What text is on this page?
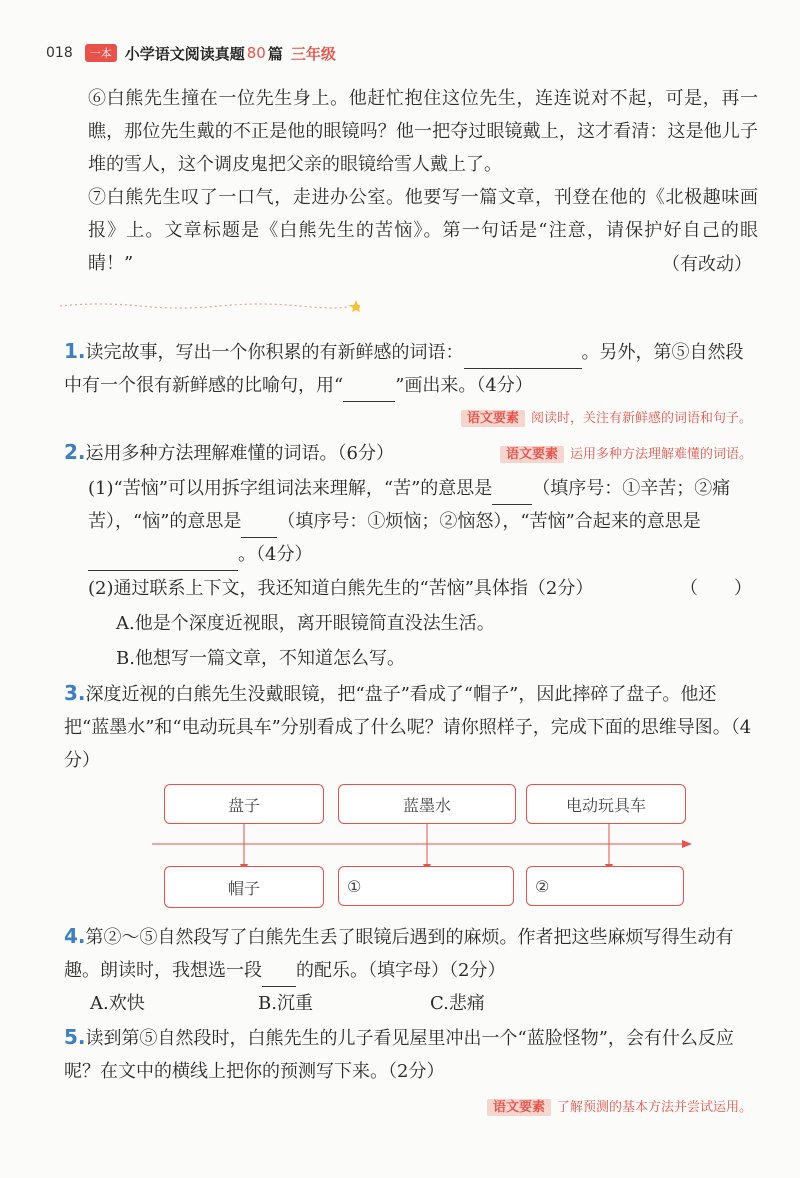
018	一本 小学语文阅读真题 80 篇 三年级

⑥白熊先生撞在一位先生身上。他赶忙抱住这位先生，连连说对不起，可是，再一瞧，那位先生戴的不正是他的眼镜吗？他一把夺过眼镜戴上，这才看清：这是他儿子堆的雪人，这个调皮鬼把父亲的眼镜给雪人戴上了。

⑦白熊先生叹了一口气，走进办公室。他要写一篇文章，刊登在他的《北极趣味画报》上。文章标题是《白熊先生的苦恼》。第一句话是“注意，请保护好自己的眼睛！”	（有改动）

1.读完故事，写出一个你积累的有新鲜感的词语：	。另外，第⑤自然段中有一个很有新鲜感的比喻句，用“	”画出来。（4分）

语文要素 阅读时，关注有新鲜感的词语和句子。

2.运用多种方法理解难懂的词语。（6分）	语文要素 运用多种方法理解难懂的词语。

(1)“苦恼”可以用拆字组词法来理解，“苦”的意思是 （填序号：①辛苦；②痛苦），“恼”的意思是 （填序号：①烦恼；②恼怒），“苦恼”合起来的意思是。（4分）

(2)通过联系上下文，我还知道白熊先生的“苦恼”具体指（2分）	（　　）

A.他是个深度近视眼，离开眼镜简直没法生活。

B.他想写一篇文章，不知道怎么写。

3.深度近视的白熊先生没戴眼镜，把“盘子”看成了“帽子”，因此摔碎了盘子。他还把“蓝墨水”和“电动玩具车”分别看成了什么呢？请你照样子，完成下面的思维导图。（4分）

盘子	蓝墨水	电动玩具车
帽子	①	②

4.第②～⑤自然段写了白熊先生丢了眼镜后遇到的麻烦。作者把这些麻烦写得生动有趣。朗读时，我想选一段 的配乐。（填字母）（2分）

A.欢快	B.沉重	C.悲痛

5.读到第⑤自然段时，白熊先生的儿子看见屋里冲出一个“蓝脸怪物”，会有什么反应呢？在文中的横线上把你的预测写下来。（2分）

语文要素 了解预测的基本方法并尝试运用。
